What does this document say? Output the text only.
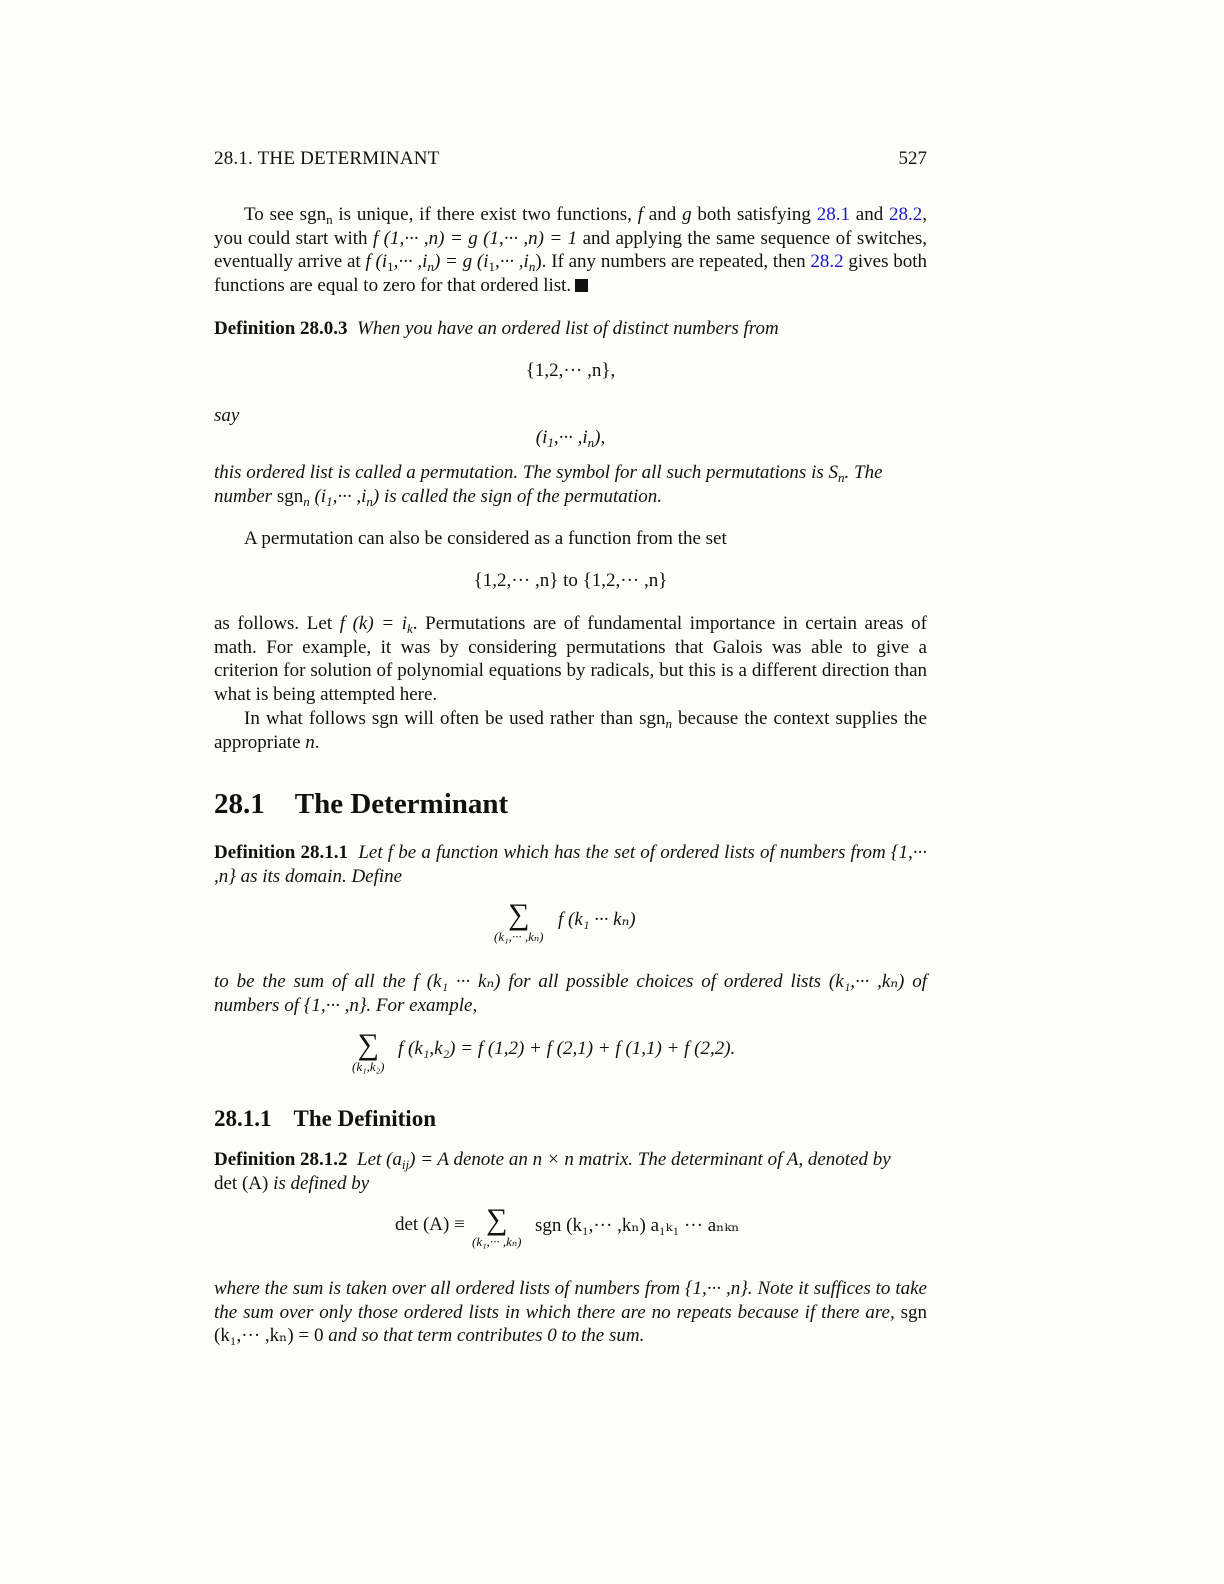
28.1. THE DETERMINANT	527

To see sgn$_n$ is unique, if there exist two functions, f and g both satisfying 28.1 and 28.2, you could start with f (1,··· ,n) = g (1,··· ,n) = 1 and applying the same sequence of switches, eventually arrive at f $(i_1,\cdot\cdot\cdot ,i_n) = g$ $(i_1,\cdot\cdot\cdot ,i_n)$. If any numbers are repeated, then 28.2 gives both functions are equal to zero for that ordered list.

Definition 28.0.3 When you have an ordered list of distinct numbers from

{1,2,··· ,n},

say

$(i_1,\cdot\cdot\cdot ,i_n)$,

this ordered list is called a permutation. The symbol for all such permutations is $S_n$. The
number sgn$_n$ $(i_1,\cdot\cdot\cdot ,i_n)$ is called the sign of the permutation.

A permutation can also be considered as a function from the set

{1,2,··· ,n} to {1,2,··· ,n}

as follows. Let f $(k) = i_k$. Permutations are of fundamental importance in certain areas of math. For example, it was by considering permutations that Galois was able to give a criterion for solution of polynomial equations by radicals, but this is a different direction than what is being attempted here.

In what follows sgn will often be used rather than sgn$_n$ because the context supplies the appropriate n.

28.1 The Determinant

Definition 28.1.1 Let f be a function which has the set of ordered lists of numbers from {1,··· ,n} as its domain. Define

∑
(k₁,··· ,kₙ)
f (k₁ ··· kₙ)

to be the sum of all the f (k₁ ··· kₙ) for all possible choices of ordered lists (k₁,··· ,kₙ) of numbers of {1,··· ,n}. For example,

∑
(k₁,k₂)
f (k₁,k₂) = f (1,2) + f (2,1) + f (1,1) + f (2,2).
28.1.1 The Definition

Definition 28.1.2 Let $(a_{ij}) = A$ denote an n × n matrix. The determinant of A, denoted by
det (A) is defined by

det (A) ≡ ∑
(k₁,··· ,kₙ)
sgn (k₁,··· ,kₙ) a₁ₖ₁ ··· aₙₖₙ

where the sum is taken over all ordered lists of numbers from {1,··· ,n}. Note it suffices to take the sum over only those ordered lists in which there are no repeats because if there are, sgn (k₁,··· ,kₙ) = 0 and so that term contributes 0 to the sum.
